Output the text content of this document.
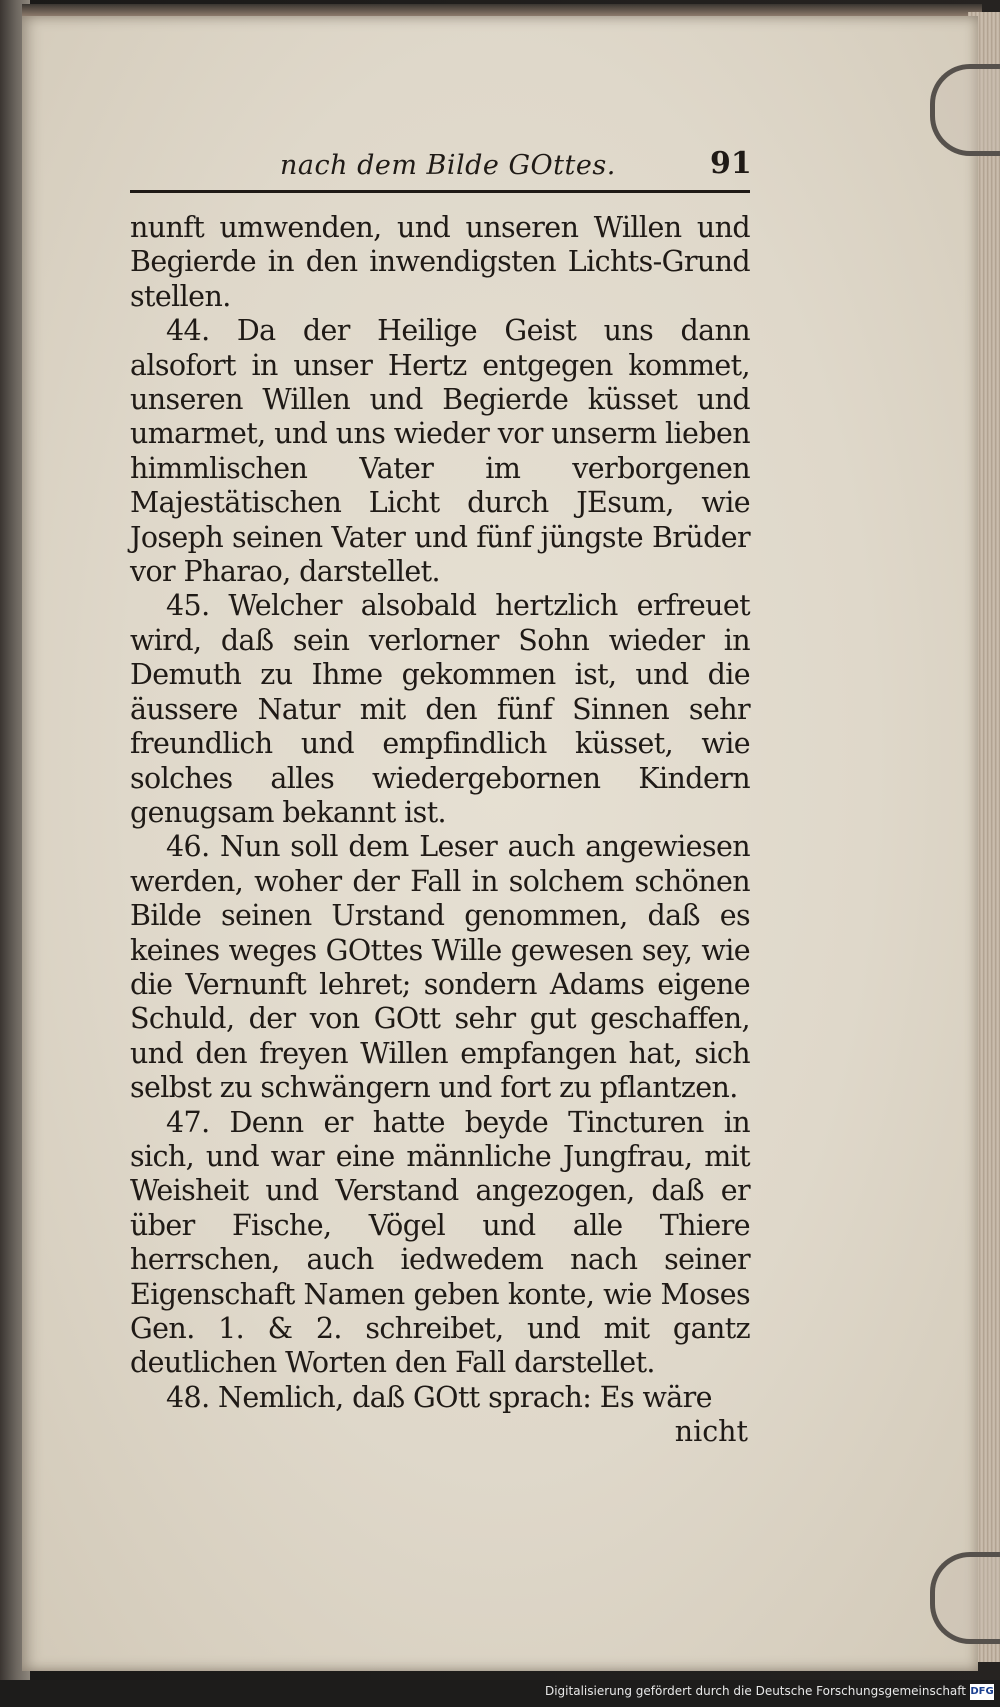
nach dem Bilde GOttes.	91

nunft umwenden, und unseren Willen und Begierde in den inwendigsten Lichts-Grund stellen.

44. Da der Heilige Geist uns dann alsofort in unser Hertz entgegen kommet, unseren Willen und Begierde küsset und umarmet, und uns wieder vor unserm lieben himmlischen Vater im verborgenen Majestätischen Licht durch JEsum, wie Joseph seinen Vater und fünf jüngste Brüder vor Pharao, darstellet.

45. Welcher alsobald hertzlich erfreuet wird, daß sein verlorner Sohn wieder in Demuth zu Ihme gekommen ist, und die äussere Natur mit den fünf Sinnen sehr freundlich und empfindlich küsset, wie solches alles wiedergebornen Kindern genugsam bekannt ist.

46. Nun soll dem Leser auch angewiesen werden, woher der Fall in solchem schönen Bilde seinen Urstand genommen, daß es keines weges GOttes Wille gewesen sey, wie die Vernunft lehret; sondern Adams eigene Schuld, der von GOtt sehr gut geschaffen, und den freyen Willen empfangen hat, sich selbst zu schwängern und fort zu pflantzen.

47. Denn er hatte beyde Tincturen in sich, und war eine männliche Jungfrau, mit Weisheit und Verstand angezogen, daß er über Fische, Vögel und alle Thiere herrschen, auch iedwedem nach seiner Eigenschaft Namen geben konte, wie Moses Gen. 1. & 2. schreibet, und mit gantz deutlichen Worten den Fall darstellet.

48. Nemlich, daß GOtt sprach: Es wäre

nicht
Digitalisierung gefördert durch die Deutsche Forschungsgemeinschaft DFG
